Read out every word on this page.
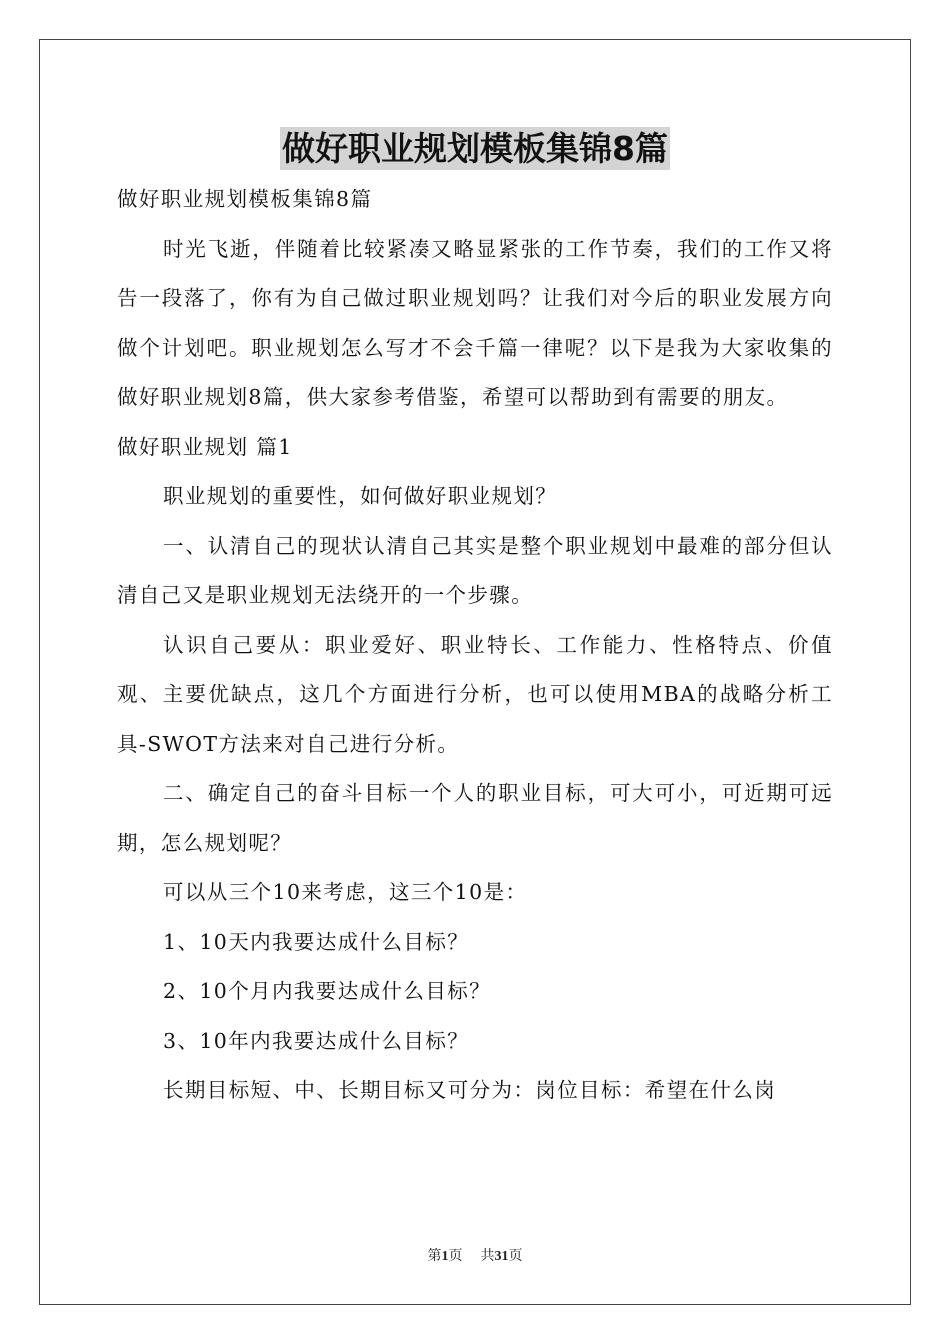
做好职业规划模板集锦8篇

做好职业规划模板集锦8篇

时光飞逝，伴随着比较紧凑又略显紧张的工作节奏，我们的工作又将告一段落了，你有为自己做过职业规划吗？让我们对今后的职业发展方向做个计划吧。职业规划怎么写才不会千篇一律呢？以下是我为大家收集的做好职业规划8篇，供大家参考借鉴，希望可以帮助到有需要的朋友。

做好职业规划 篇1

职业规划的重要性，如何做好职业规划？

一、认清自己的现状认清自己其实是整个职业规划中最难的部分但认清自己又是职业规划无法绕开的一个步骤。

认识自己要从：职业爱好、职业特长、工作能力、性格特点、价值观、主要优缺点，这几个方面进行分析，也可以使用MBA的战略分析工具-SWOT方法来对自己进行分析。

二、确定自己的奋斗目标一个人的职业目标，可大可小，可近期可远期，怎么规划呢？

可以从三个10来考虑，这三个10是：

1、10天内我要达成什么目标？

2、10个月内我要达成什么目标？

3、10年内我要达成什么目标？

长期目标短、中、长期目标又可分为：岗位目标：希望在什么岗

第1页 共31页
